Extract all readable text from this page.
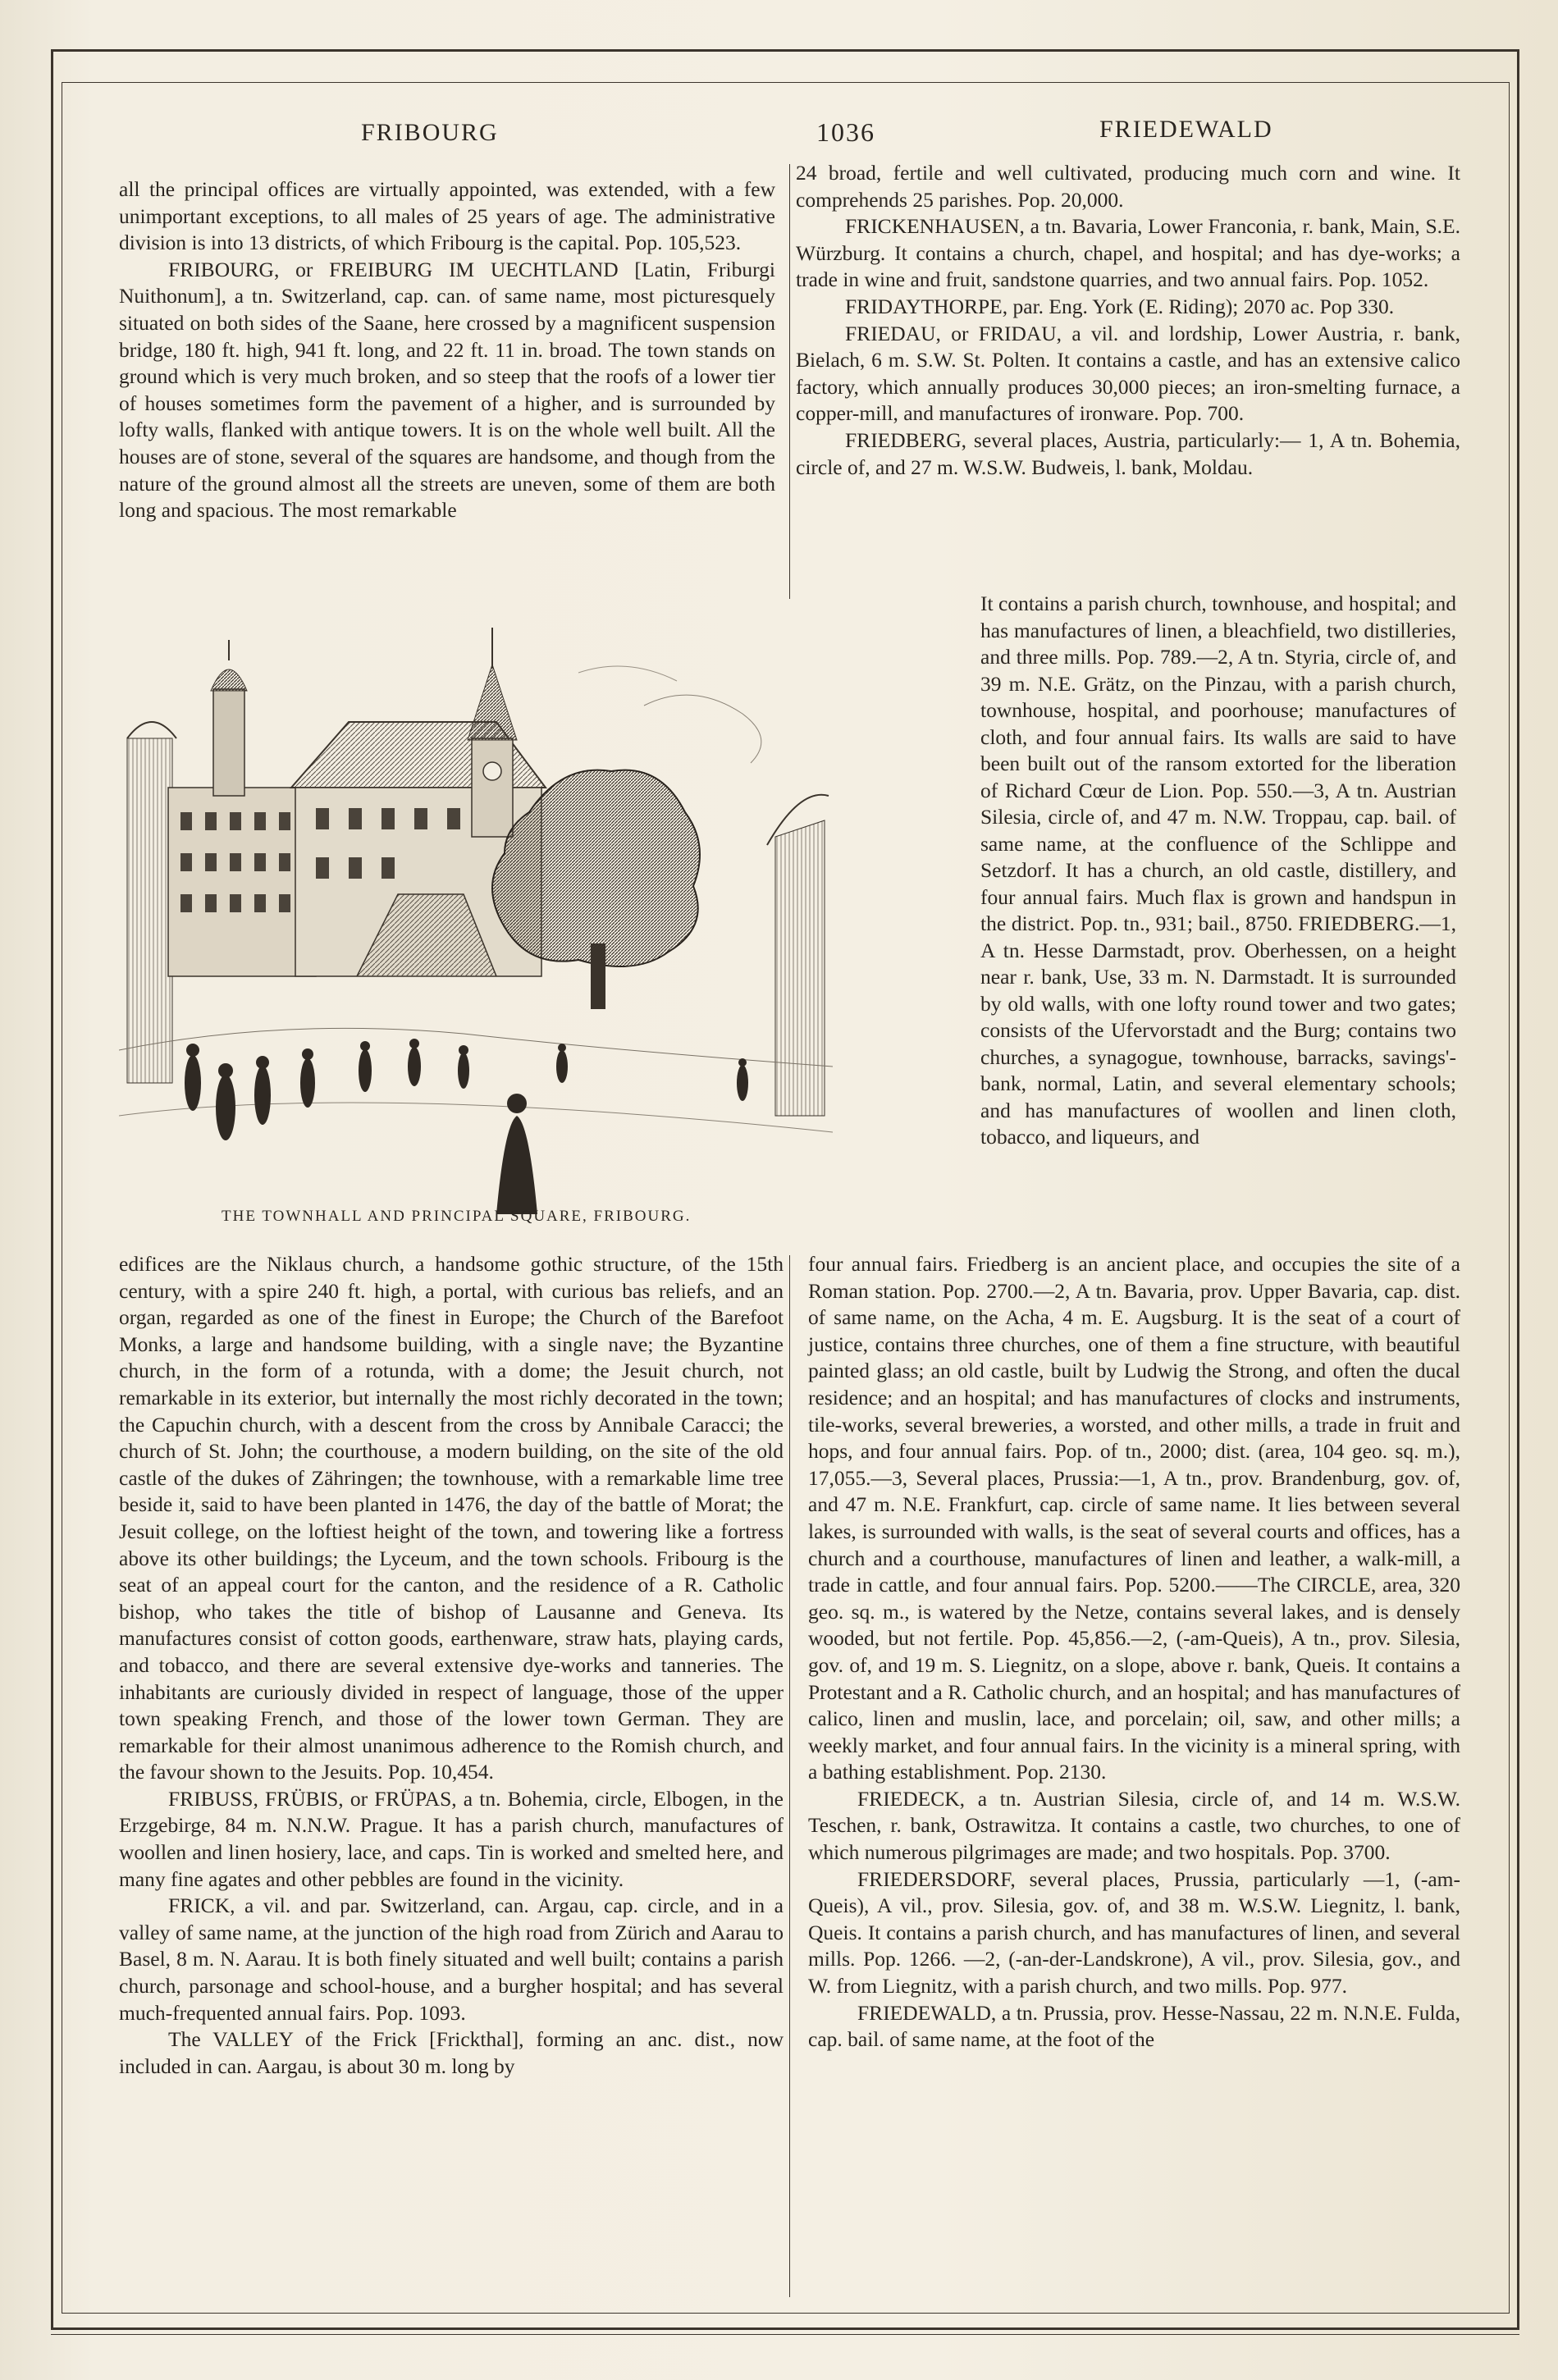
FRIBOURG	1036	FRIEDEWALD

all the principal offices are virtually appointed, was extended, with a few unimportant exceptions, to all males of 25 years of age. The administrative division is into 13 districts, of which Fribourg is the capital. Pop. 105,523.

FRIBOURG, or FREIBURG IM UECHTLAND [Latin, Friburgi Nuithonum], a tn. Switzerland, cap. can. of same name, most picturesquely situated on both sides of the Saane, here crossed by a magnificent suspension bridge, 180 ft. high, 941 ft. long, and 22 ft. 11 in. broad. The town stands on ground which is very much broken, and so steep that the roofs of a lower tier of houses sometimes form the pavement of a higher, and is surrounded by lofty walls, flanked with antique towers. It is on the whole well built. All the houses are of stone, several of the squares are handsome, and though from the nature of the ground almost all the streets are uneven, some of them are both long and spacious. The most remarkable

THE TOWNHALL AND PRINCIPAL SQUARE, FRIBOURG.

edifices are the Niklaus church, a handsome gothic structure, of the 15th century, with a spire 240 ft. high, a portal, with curious bas reliefs, and an organ, regarded as one of the finest in Europe; the Church of the Barefoot Monks, a large and handsome building, with a single nave; the Byzantine church, in the form of a rotunda, with a dome; the Jesuit church, not remarkable in its exterior, but internally the most richly decorated in the town; the Capuchin church, with a descent from the cross by Annibale Caracci; the church of St. John; the courthouse, a modern building, on the site of the old castle of the dukes of Zähringen; the townhouse, with a remarkable lime tree beside it, said to have been planted in 1476, the day of the battle of Morat; the Jesuit college, on the loftiest height of the town, and towering like a fortress above its other buildings; the Lyceum, and the town schools. Fribourg is the seat of an appeal court for the canton, and the residence of a R. Catholic bishop, who takes the title of bishop of Lausanne and Geneva. Its manufactures consist of cotton goods, earthenware, straw hats, playing cards, and tobacco, and there are several extensive dye-works and tanneries. The inhabitants are curiously divided in respect of language, those of the upper town speaking French, and those of the lower town German. They are remarkable for their almost unanimous adherence to the Romish church, and the favour shown to the Jesuits. Pop. 10,454.

FRIBUSS, FRÜBIS, or FRÜPAS, a tn. Bohemia, circle, Elbogen, in the Erzgebirge, 84 m. N.N.W. Prague. It has a parish church, manufactures of woollen and linen hosiery, lace, and caps. Tin is worked and smelted here, and many fine agates and other pebbles are found in the vicinity.

FRICK, a vil. and par. Switzerland, can. Argau, cap. circle, and in a valley of same name, at the junction of the high road from Zürich and Aarau to Basel, 8 m. N. Aarau. It is both finely situated and well built; contains a parish church, parsonage and school-house, and a burgher hospital; and has several much-frequented annual fairs. Pop. 1093.

The VALLEY of the Frick [Frickthal], forming an anc. dist., now included in can. Aargau, is about 30 m. long by

24 broad, fertile and well cultivated, producing much corn and wine. It comprehends 25 parishes. Pop. 20,000.

FRICKENHAUSEN, a tn. Bavaria, Lower Franconia, r. bank, Main, S.E. Würzburg. It contains a church, chapel, and hospital; and has dye-works; a trade in wine and fruit, sandstone quarries, and two annual fairs. Pop. 1052.

FRIDAYTHORPE, par. Eng. York (E. Riding); 2070 ac. Pop 330.

FRIEDAU, or FRIDAU, a vil. and lordship, Lower Austria, r. bank, Bielach, 6 m. S.W. St. Polten. It contains a castle, and has an extensive calico factory, which annually produces 30,000 pieces; an iron-smelting furnace, a copper-mill, and manufactures of ironware. Pop. 700.

FRIEDBERG, several places, Austria, particularly:— 1, A tn. Bohemia, circle of, and 27 m. W.S.W. Budweis, l. bank, Moldau.

It contains a parish church, townhouse, and hospital; and has manufactures of linen, a bleachfield, two distilleries, and three mills. Pop. 789.—2, A tn. Styria, circle of, and 39 m. N.E. Grätz, on the Pinzau, with a parish church, townhouse, hospital, and poorhouse; manufactures of cloth, and four annual fairs. Its walls are said to have been built out of the ransom extorted for the liberation of Richard Cœur de Lion. Pop. 550.—3, A tn. Austrian Silesia, circle of, and 47 m. N.W. Troppau, cap. bail. of same name, at the confluence of the Schlippe and Setzdorf. It has a church, an old castle, distillery, and four annual fairs. Much flax is grown and handspun in the district. Pop. tn., 931; bail., 8750. FRIEDBERG.—1, A tn. Hesse Darmstadt, prov. Oberhessen, on a height near r. bank, Use, 33 m. N. Darmstadt. It is surrounded by old walls, with one lofty round tower and two gates; consists of the Ufervorstadt and the Burg; contains two churches, a synagogue, townhouse, barracks, savings'-bank, normal, Latin, and several elementary schools; and has manufactures of woollen and linen cloth, tobacco, and liqueurs, and

four annual fairs. Friedberg is an ancient place, and occupies the site of a Roman station. Pop. 2700.—2, A tn. Bavaria, prov. Upper Bavaria, cap. dist. of same name, on the Acha, 4 m. E. Augsburg. It is the seat of a court of justice, contains three churches, one of them a fine structure, with beautiful painted glass; an old castle, built by Ludwig the Strong, and often the ducal residence; and an hospital; and has manufactures of clocks and instruments, tile-works, several breweries, a worsted, and other mills, a trade in fruit and hops, and four annual fairs. Pop. of tn., 2000; dist. (area, 104 geo. sq. m.), 17,055.—3, Several places, Prussia:—1, A tn., prov. Brandenburg, gov. of, and 47 m. N.E. Frankfurt, cap. circle of same name. It lies between several lakes, is surrounded with walls, is the seat of several courts and offices, has a church and a courthouse, manufactures of linen and leather, a walk-mill, a trade in cattle, and four annual fairs. Pop. 5200.——The CIRCLE, area, 320 geo. sq. m., is watered by the Netze, contains several lakes, and is densely wooded, but not fertile. Pop. 45,856.—2, (-am-Queis), A tn., prov. Silesia, gov. of, and 19 m. S. Liegnitz, on a slope, above r. bank, Queis. It contains a Protestant and a R. Catholic church, and an hospital; and has manufactures of calico, linen and muslin, lace, and porcelain; oil, saw, and other mills; a weekly market, and four annual fairs. In the vicinity is a mineral spring, with a bathing establishment. Pop. 2130.

FRIEDECK, a tn. Austrian Silesia, circle of, and 14 m. W.S.W. Teschen, r. bank, Ostrawitza. It contains a castle, two churches, to one of which numerous pilgrimages are made; and two hospitals. Pop. 3700.

FRIEDERSDORF, several places, Prussia, particularly —1, (-am-Queis), A vil., prov. Silesia, gov. of, and 38 m. W.S.W. Liegnitz, l. bank, Queis. It contains a parish church, and has manufactures of linen, and several mills. Pop. 1266. —2, (-an-der-Landskrone), A vil., prov. Silesia, gov., and W. from Liegnitz, with a parish church, and two mills. Pop. 977.

FRIEDEWALD, a tn. Prussia, prov. Hesse-Nassau, 22 m. N.N.E. Fulda, cap. bail. of same name, at the foot of the
